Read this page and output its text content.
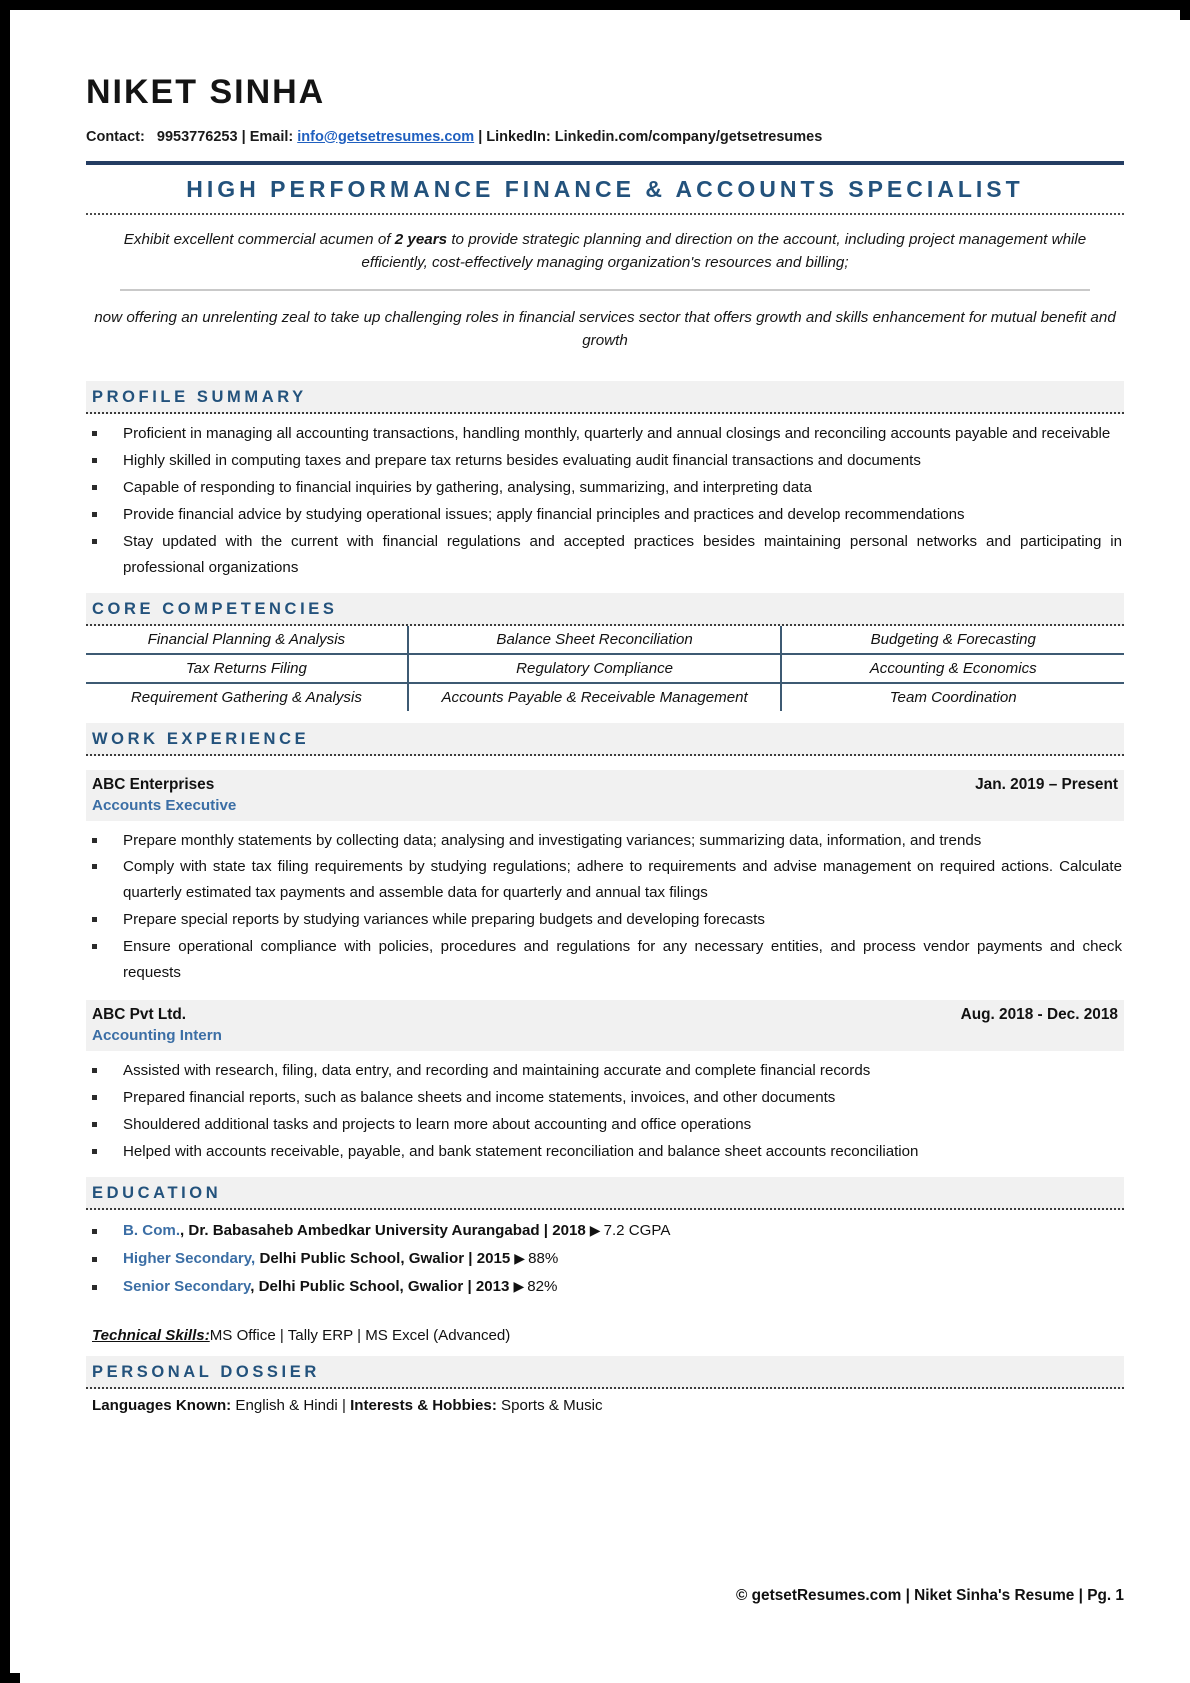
NIKET SINHA
Contact: 9953776253 | Email: info@getsetresumes.com | LinkedIn: Linkedin.com/company/getsetresumes
HIGH PERFORMANCE FINANCE & ACCOUNTS SPECIALIST
Exhibit excellent commercial acumen of 2 years to provide strategic planning and direction on the account, including project management while efficiently, cost-effectively managing organization's resources and billing;
now offering an unrelenting zeal to take up challenging roles in financial services sector that offers growth and skills enhancement for mutual benefit and growth
PROFILE SUMMARY
Proficient in managing all accounting transactions, handling monthly, quarterly and annual closings and reconciling accounts payable and receivable
Highly skilled in computing taxes and prepare tax returns besides evaluating audit financial transactions and documents
Capable of responding to financial inquiries by gathering, analysing, summarizing, and interpreting data
Provide financial advice by studying operational issues; apply financial principles and practices and develop recommendations
Stay updated with the current with financial regulations and accepted practices besides maintaining personal networks and participating in professional organizations
CORE COMPETENCIES
Financial Planning & Analysis	Balance Sheet Reconciliation	Budgeting & Forecasting
Tax Returns Filing	Regulatory Compliance	Accounting & Economics
Requirement Gathering & Analysis	Accounts Payable & Receivable Management	Team Coordination
WORK EXPERIENCE
ABC Enterprises	Jan. 2019 – Present
Accounts Executive
Prepare monthly statements by collecting data; analysing and investigating variances; summarizing data, information, and trends
Comply with state tax filing requirements by studying regulations; adhere to requirements and advise management on required actions. Calculate quarterly estimated tax payments and assemble data for quarterly and annual tax filings
Prepare special reports by studying variances while preparing budgets and developing forecasts
Ensure operational compliance with policies, procedures and regulations for any necessary entities, and process vendor payments and check requests
ABC Pvt Ltd.	Aug. 2018 - Dec. 2018
Accounting Intern
Assisted with research, filing, data entry, and recording and maintaining accurate and complete financial records
Prepared financial reports, such as balance sheets and income statements, invoices, and other documents
Shouldered additional tasks and projects to learn more about accounting and office operations
Helped with accounts receivable, payable, and bank statement reconciliation and balance sheet accounts reconciliation
EDUCATION
B. Com., Dr. Babasaheb Ambedkar University Aurangabad | 2018 ▶ 7.2 CGPA
Higher Secondary, Delhi Public School, Gwalior | 2015 ▶ 88%
Senior Secondary, Delhi Public School, Gwalior | 2013 ▶ 82%
Technical Skills:MS Office | Tally ERP | MS Excel (Advanced)
PERSONAL DOSSIER
Languages Known: English & Hindi | Interests & Hobbies: Sports & Music
© getsetResumes.com | Niket Sinha's Resume | Pg. 1
